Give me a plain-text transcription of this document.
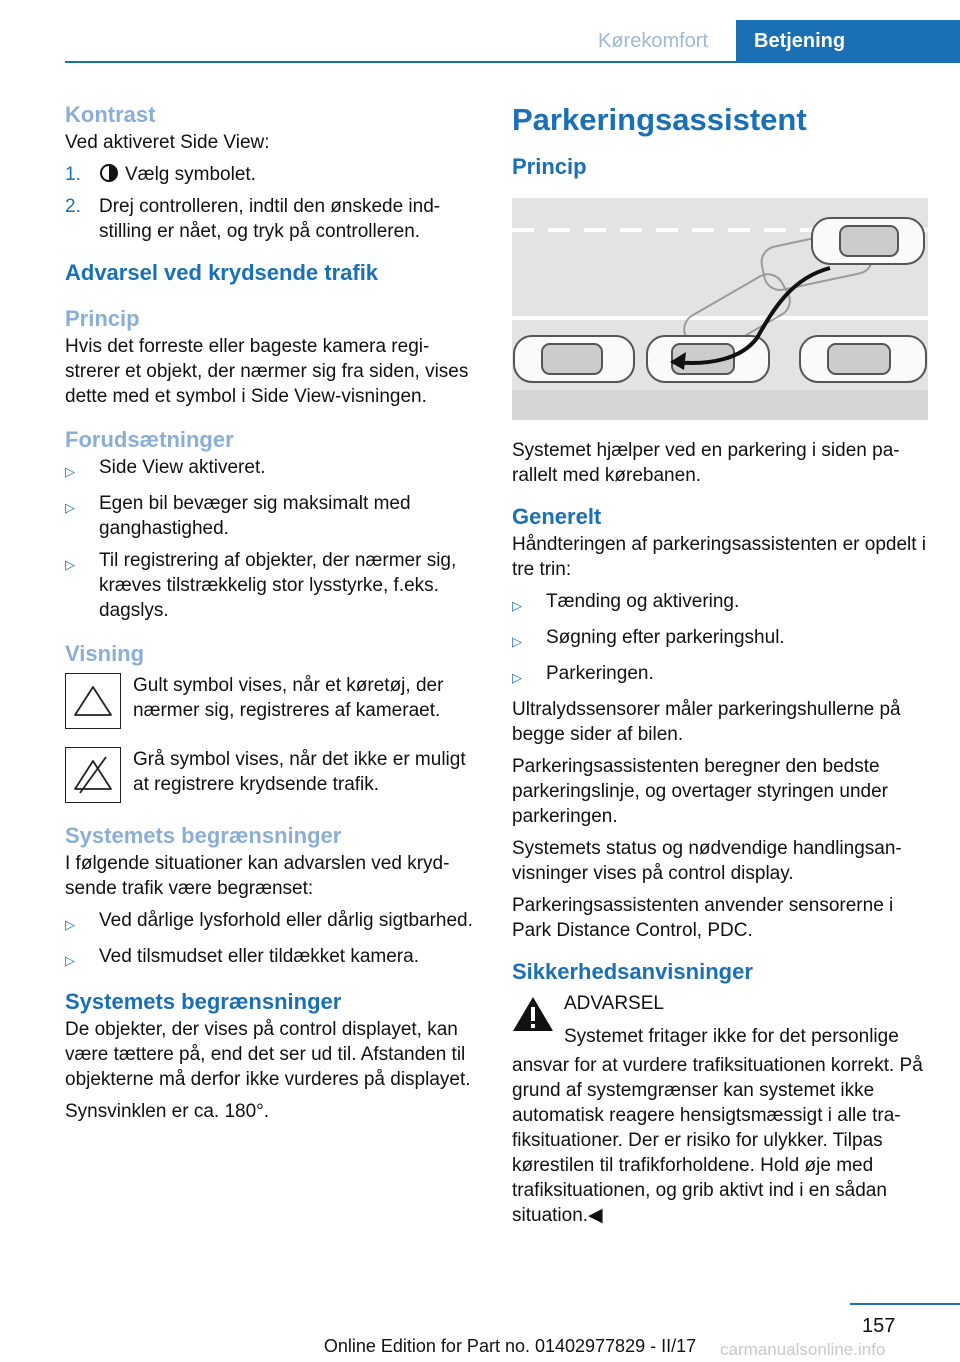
Kørekomfort	Betjening
Kontrast
Ved aktiveret Side View:
1.	Vælg symbolet.
2. Drej controlleren, indtil den ønskede indstilling er nået, og tryk på controlleren.
Advarsel ved krydsende trafik
Princip
Hvis det forreste eller bageste kamera registrerer et objekt, der nærmer sig fra siden, vises dette med et symbol i Side View-visningen.
Forudsætninger
▷	Side View aktiveret.
▷	Egen bil bevæger sig maksimalt med ganghastighed.
▷	Til registrering af objekter, der nærmer sig, kræves tilstrækkelig stor lysstyrke, f.eks. dagslys.
Visning
Gult symbol vises, når et køretøj, der nærmer sig, registreres af kameraet.
Grå symbol vises, når det ikke er muligt at registrere krydsende trafik.
Systemets begrænsninger
I følgende situationer kan advarslen ved krydsende trafik være begrænset:
▷	Ved dårlige lysforhold eller dårlig sigtbarhed.
▷	Ved tilsmudset eller tildækket kamera.
Systemets begrænsninger
De objekter, der vises på control displayet, kan være tættere på, end det ser ud til. Afstanden til objekterne må derfor ikke vurderes på displayet.
Synsvinklen er ca. 180°.
Parkeringsassistent
Princip
Systemet hjælper ved en parkering i siden parallelt med kørebanen.
Generelt
Håndteringen af parkeringsassistenten er opdelt i tre trin:
▷	Tænding og aktivering.
▷	Søgning efter parkeringshul.
▷	Parkeringen.
Ultralydssensorer måler parkeringshullerne på begge sider af bilen.
Parkeringsassistenten beregner den bedste parkeringslinje, og overtager styringen under parkeringen.
Systemets status og nødvendige handlingsanvisninger vises på control display.
Parkeringsassistenten anvender sensorerne i Park Distance Control, PDC.
Sikkerhedsanvisninger
ADVARSEL
Systemet fritager ikke for det personlige
ansvar for at vurdere trafiksituationen korrekt. På grund af systemgrænser kan systemet ikke automatisk reagere hensigtsmæssigt i alle trafiksituationer. Der er risiko for ulykker. Tilpas kørestilen til trafikforholdene. Hold øje med trafiksituationen, og grib aktivt ind i en sådan situation.◀
157
Online Edition for Part no. 01402977829 - II/17	carmanualsonline.info
